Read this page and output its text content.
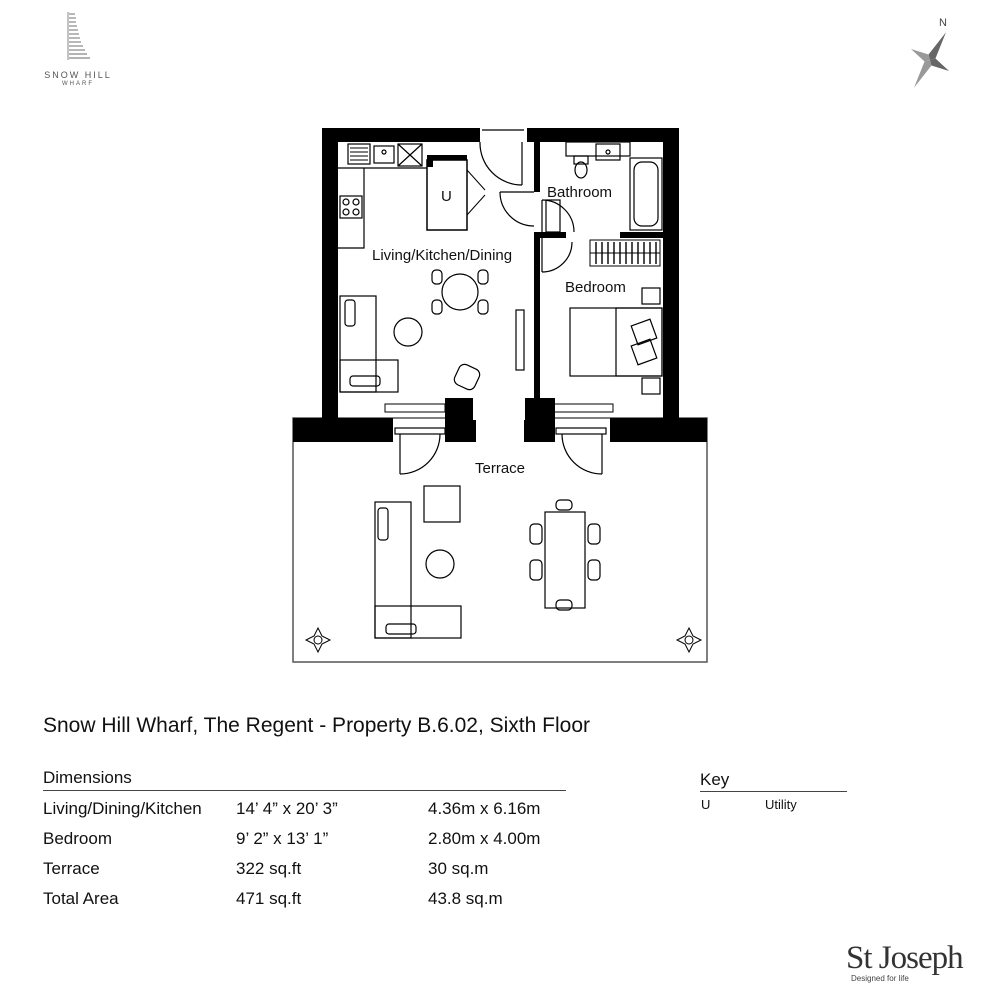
SNOW HILL
WHARF
N
U	Bathroom
Living/Kitchen/Dining
Bedroom
Terrace
Snow Hill Wharf, The Regent - Property B.6.02, Sixth Floor
Dimensions
Living/Dining/Kitchen 14’ 4” x 20’ 3”	4.36m x 6.16m
Bedroom	9’ 2” x 13’ 1”	2.80m x 4.00m
Terrace	322 sq.ft	30 sq.m
Total Area	471 sq.ft	43.8 sq.m
Key
U	Utility
St Joseph
Designed for life
